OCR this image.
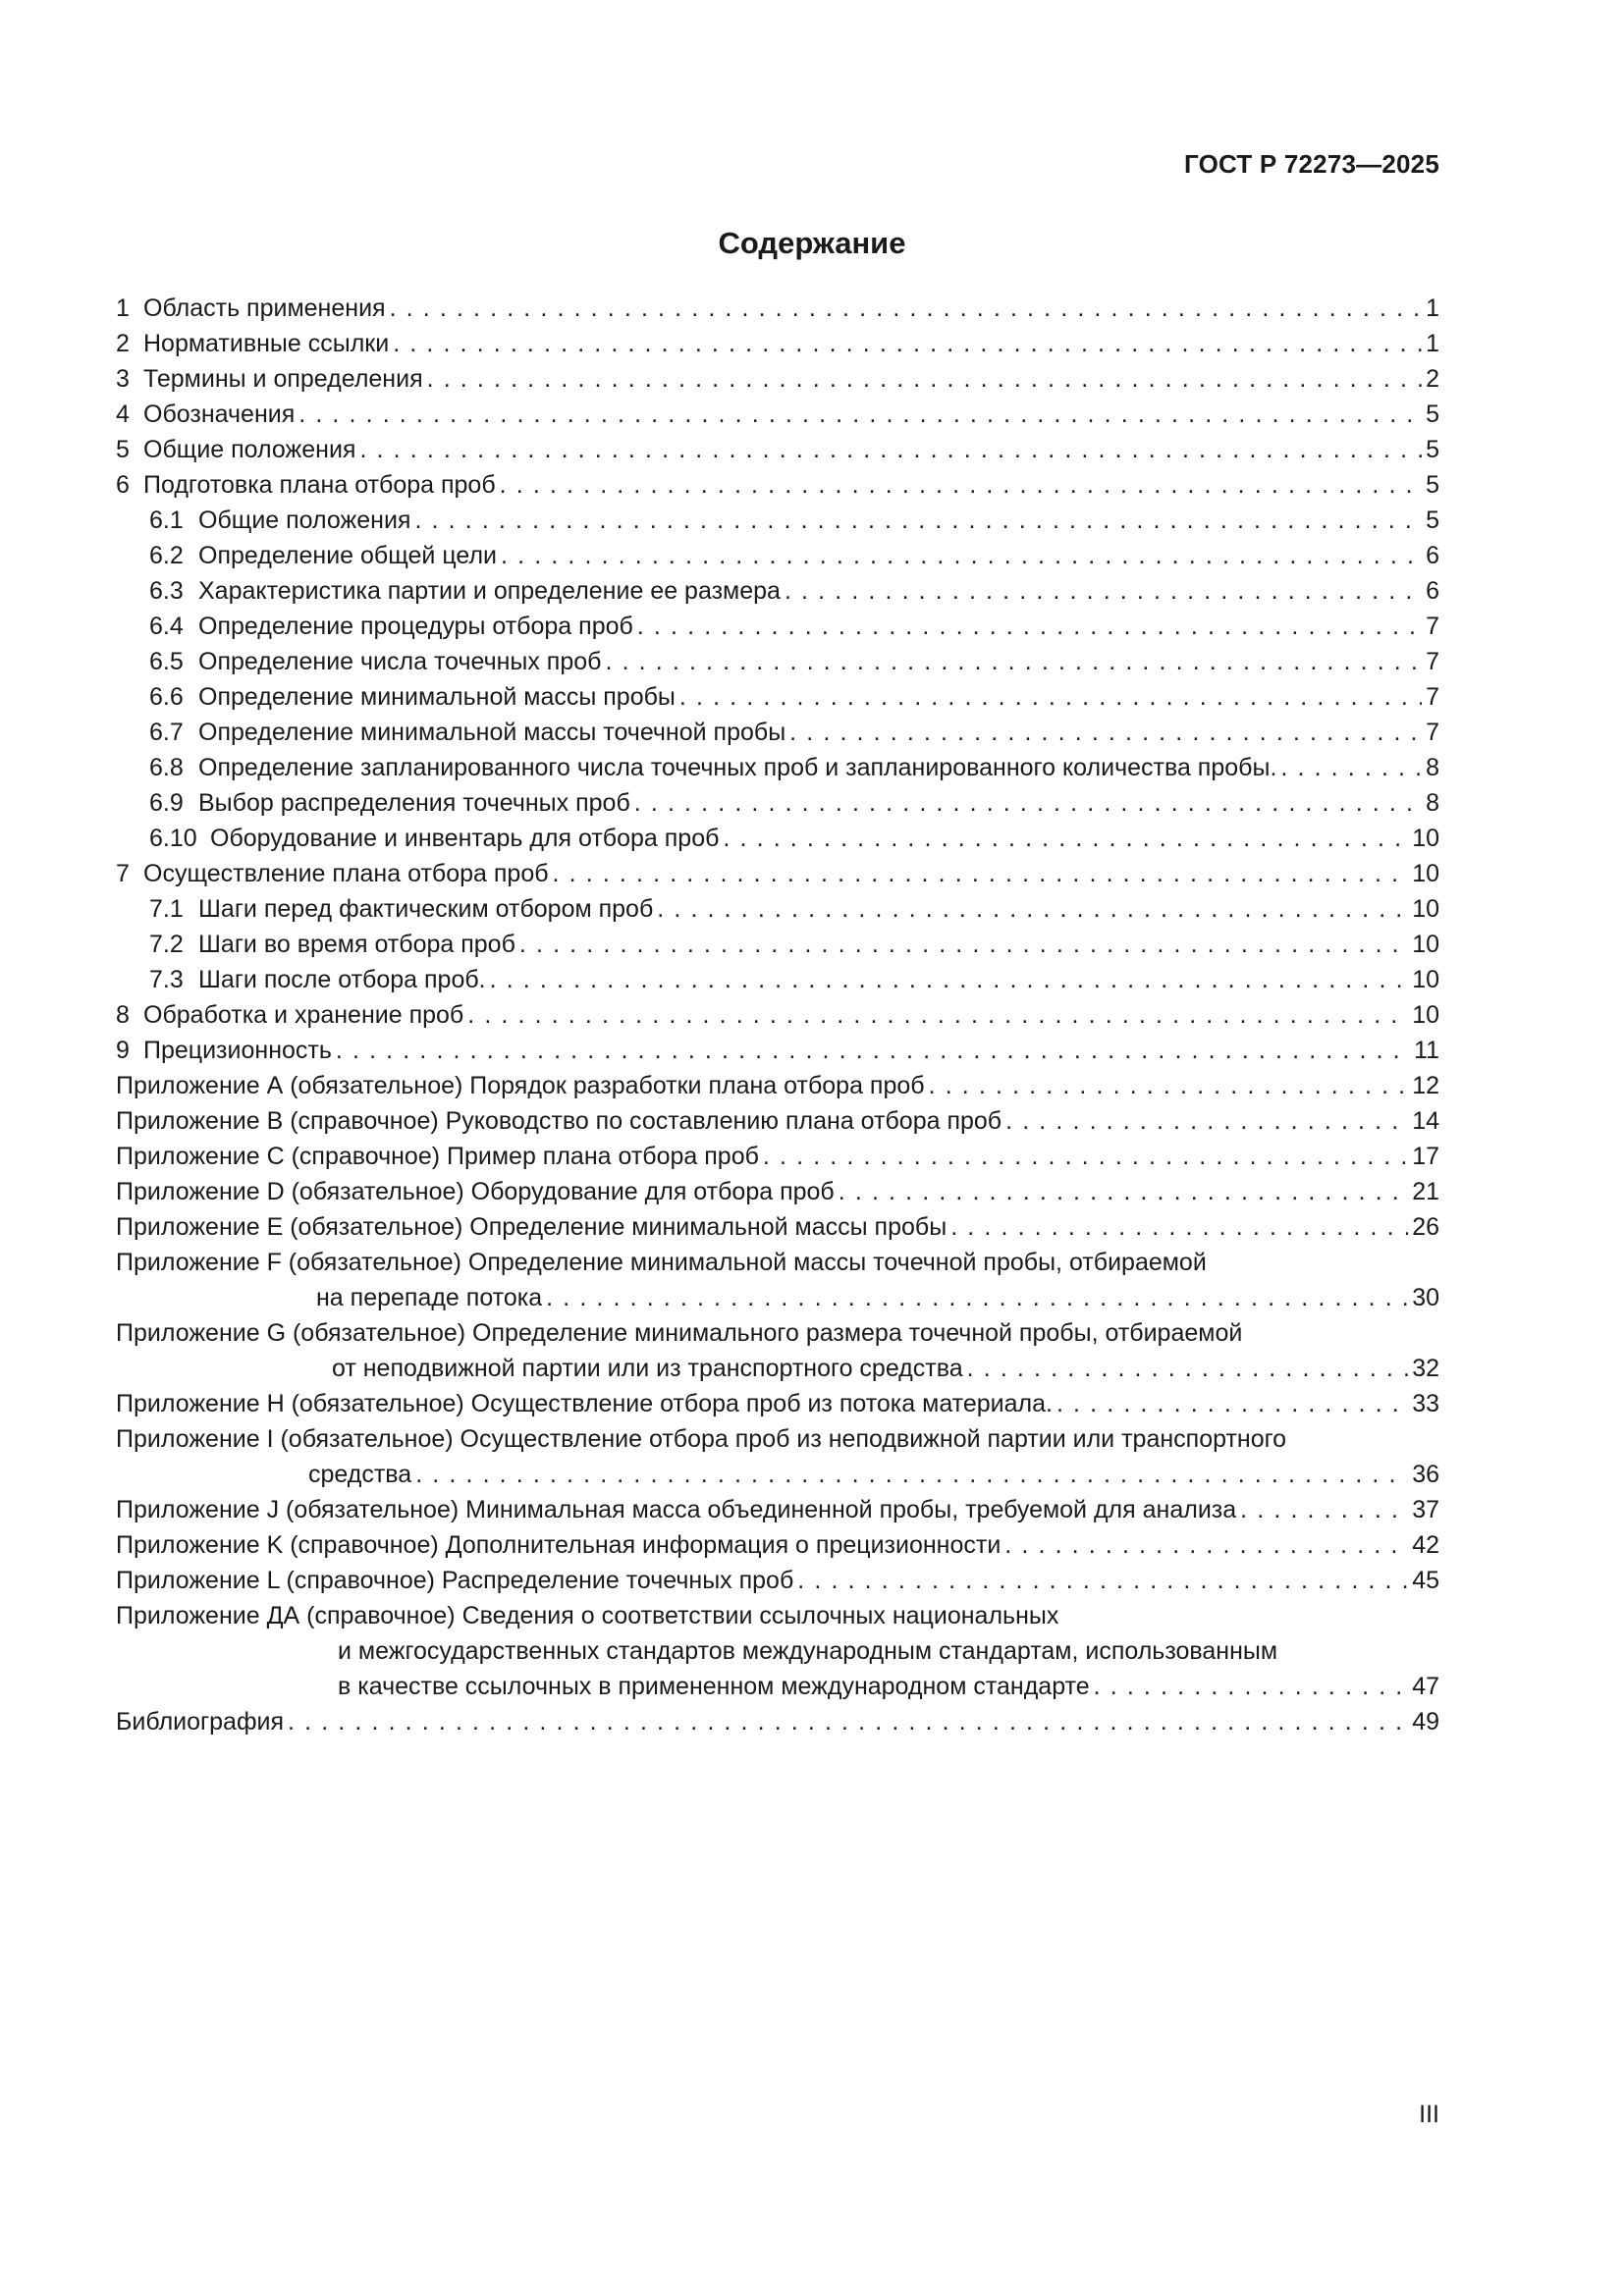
ГОСТ Р 72273—2025
Содержание
1 Область применения . . .	1
2 Нормативные ссылки . . .	1
3 Термины и определения . . .	2
4 Обозначения . . .	5
5 Общие положения . . .	5
6 Подготовка плана отбора проб . . .	5
6.1 Общие положения . . .	5
6.2 Определение общей цели . . .	6
6.3 Характеристика партии и определение ее размера . . .	6
6.4 Определение процедуры отбора проб . . .	7
6.5 Определение числа точечных проб . . .	7
6.6 Определение минимальной массы пробы . . .	7
6.7 Определение минимальной массы точечной пробы . . .	7
6.8 Определение запланированного числа точечных проб и запланированного количества пробы. . . .	8
6.9 Выбор распределения точечных проб . . .	8
6.10 Оборудование и инвентарь для отбора проб . . .	10
7 Осуществление плана отбора проб . . .	10
7.1 Шаги перед фактическим отбором проб . . .	10
7.2 Шаги во время отбора проб . . .	10
7.3 Шаги после отбора проб. . . .	10
8 Обработка и хранение проб . . .	10
9 Прецизионность . . .	11
Приложение А (обязательное) Порядок разработки плана отбора проб . . .	12
Приложение В (справочное) Руководство по составлению плана отбора проб . . .	14
Приложение С (справочное) Пример плана отбора проб . . .	17
Приложение D (обязательное) Оборудование для отбора проб . . .	21
Приложение Е (обязательное) Определение минимальной массы пробы . . .	26
Приложение F (обязательное) Определение минимальной массы точечной пробы, отбираемой
на перепаде потока . . .	30
Приложение G (обязательное) Определение минимального размера точечной пробы, отбираемой
от неподвижной партии или из транспортного средства . . .	32
Приложение Н (обязательное) Осуществление отбора проб из потока материала. . . .	33
Приложение I (обязательное) Осуществление отбора проб из неподвижной партии или транспортного
средства . . .	36
Приложение J (обязательное) Минимальная масса объединенной пробы, требуемой для анализа . . .	37
Приложение K (справочное) Дополнительная информация о прецизионности . . .	42
Приложение L (справочное) Распределение точечных проб . . .	45
Приложение ДА (справочное) Сведения о соответствии ссылочных национальных
и межгосударственных стандартов международным стандартам, использованным
в качестве ссылочных в примененном международном стандарте . . .	47
Библиография . . .	49
III
